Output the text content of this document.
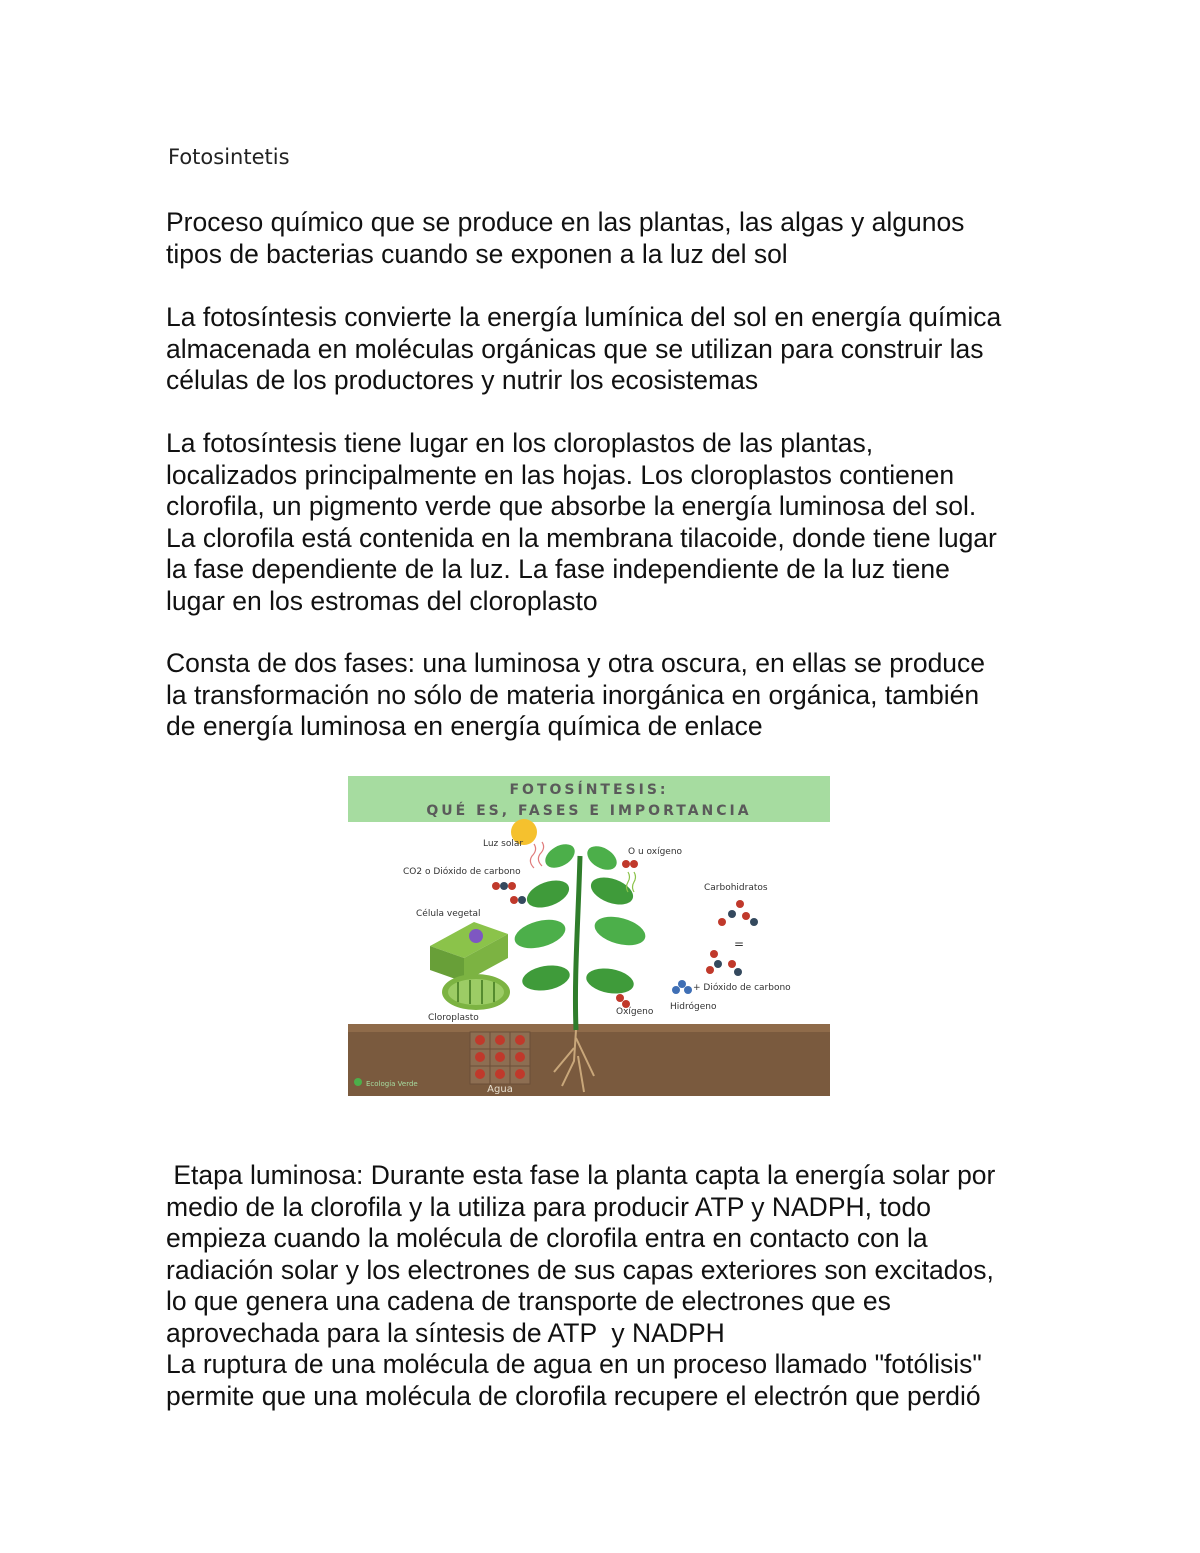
Fotosintetis
Proceso químico que se produce en las plantas, las algas y algunos
tipos de bacterias cuando se exponen a la luz del sol
La fotosíntesis convierte la energía lumínica del sol en energía química
almacenada en moléculas orgánicas que se utilizan para construir las
células de los productores y nutrir los ecosistemas
La fotosíntesis tiene lugar en los cloroplastos de las plantas,
localizados principalmente en las hojas. Los cloroplastos contienen
clorofila, un pigmento verde que absorbe la energía luminosa del sol.
La clorofila está contenida en la membrana tilacoide, donde tiene lugar
la fase dependiente de la luz. La fase independiente de la luz tiene
lugar en los estromas del cloroplasto
Consta de dos fases: una luminosa y otra oscura, en ellas se produce
la transformación no sólo de materia inorgánica en orgánica, también
de energía luminosa en energía química de enlace
FOTOSÍNTESIS:
QUÉ ES, FASES E IMPORTANCIA
Agua
Luz solar
CO2 o Dióxido de carbono
Célula vegetal
Cloroplasto
O u oxígeno
Carbohidratos
=
+ Dióxido de carbono
Hidrógeno
Oxígeno
Ecología Verde
Etapa luminosa: Durante esta fase la planta capta la energía solar por
medio de la clorofila y la utiliza para producir ATP y NADPH, todo
empieza cuando la molécula de clorofila entra en contacto con la
radiación solar y los electrones de sus capas exteriores son excitados,
lo que genera una cadena de transporte de electrones que es
aprovechada para la síntesis de ATP  y NADPH
La ruptura de una molécula de agua en un proceso llamado "fotólisis"
permite que una molécula de clorofila recupere el electrón que perdió
